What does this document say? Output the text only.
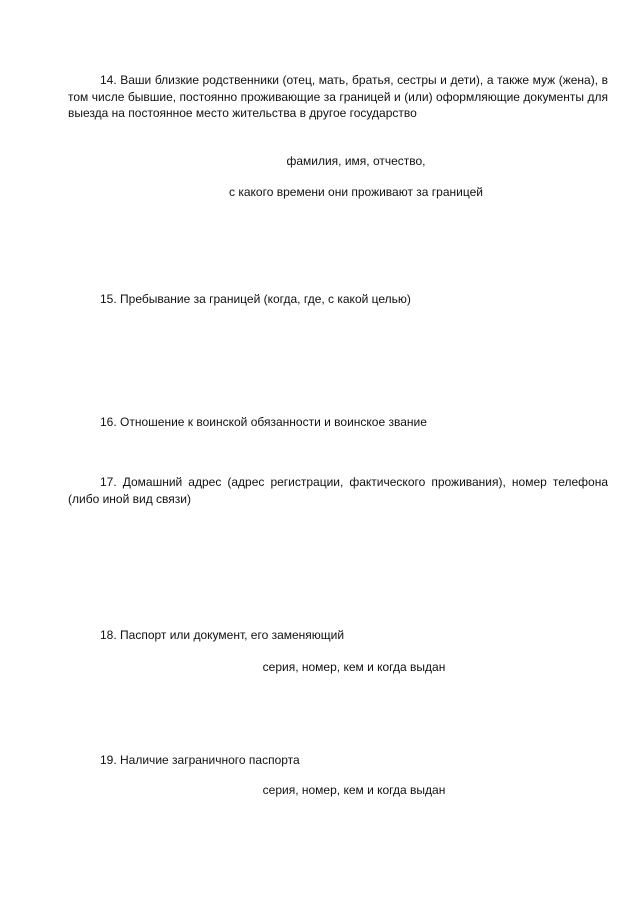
14. Ваши близкие родственники (отец, мать, братья, сестры и дети), а также муж (жена), в том числе бывшие, постоянно проживающие за границей и (или) оформляющие документы для выезда на постоянное место жительства в другое государство

фамилия, имя, отчество,

с какого времени они проживают за границей

15. Пребывание за границей (когда, где, с какой целью)

16. Отношение к воинской обязанности и воинское звание

17. Домашний адрес (адрес регистрации, фактического проживания), номер телефона (либо иной вид связи)

18. Паспорт или документ, его заменяющий

серия, номер, кем и когда выдан

19. Наличие заграничного паспорта

серия, номер, кем и когда выдан
